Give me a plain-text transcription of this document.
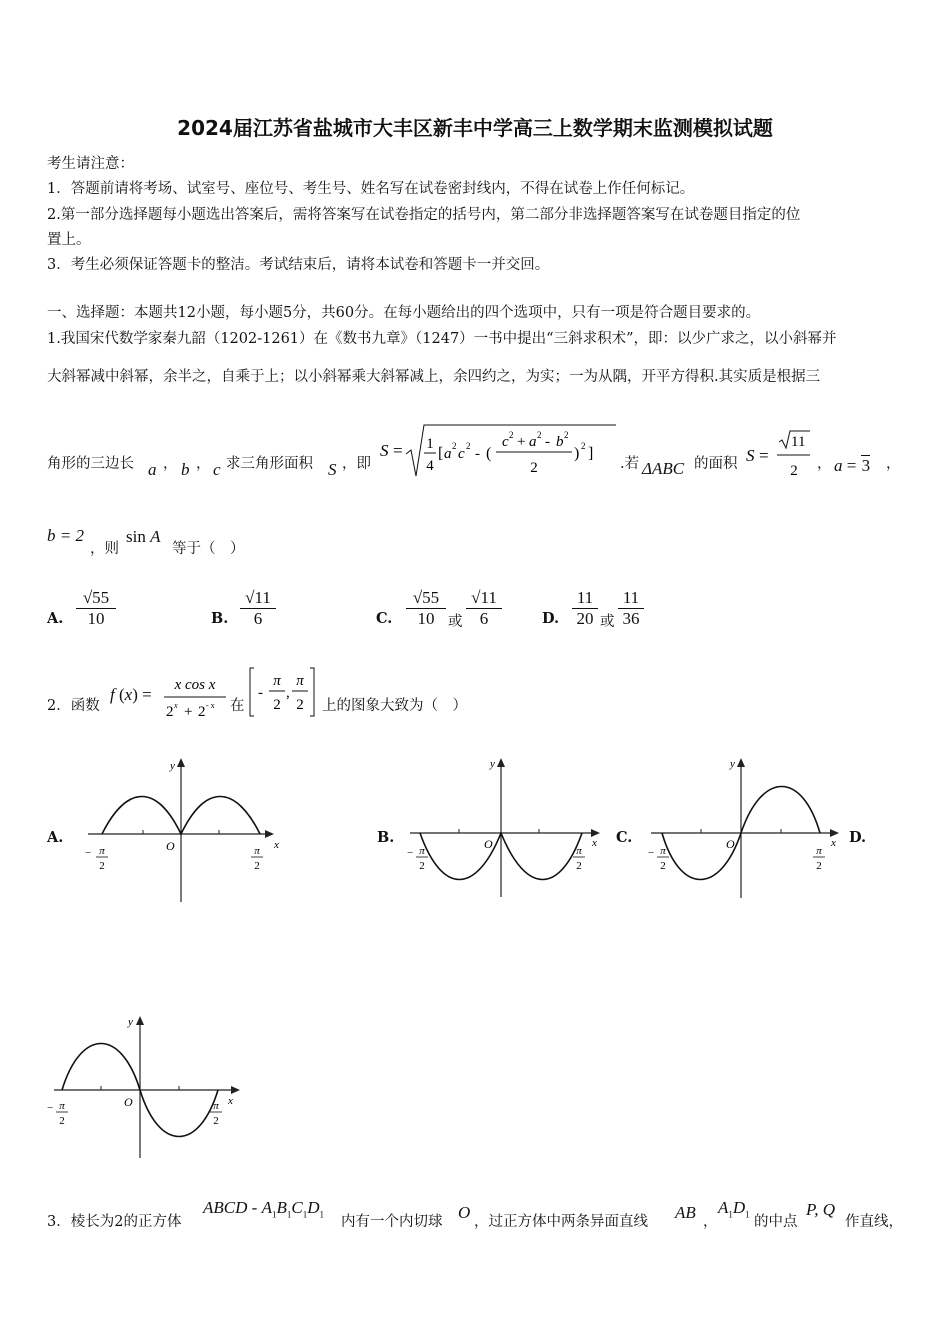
2024届江苏省盐城市大丰区新丰中学高三上数学期末监测模拟试题
考生请注意：
1．答题前请将考场、试室号、座位号、考生号、姓名写在试卷密封线内，不得在试卷上作任何标记。
2.第一部分选择题每小题选出答案后，需将答案写在试卷指定的括号内，第二部分非选择题答案写在试卷题目指定的位
置上。
3．考生必须保证答题卡的整洁。考试结束后，请将本试卷和答题卡一并交回。
一、选择题：本题共12小题，每小题5分，共60分。在每小题给出的四个选项中，只有一项是符合题目要求的。
1.我国宋代数学家秦九韶（1202-1261）在《数书九章》（1247）一书中提出“三斜求积术”，即：以少广求之，以小斜幂并
大斜幂减中斜幂，余半之，自乘于上；以小斜幂乘大斜幂减上，余四约之，为实；一为从隅，开平方得积.其实质是根据三
角形的三边长 a ， b ， c 求三角形面积 S ，即
S = 1
4
[ a 2 c 2 - (
c 2 + a 2 - b 2
2
) 2 ]
.若 ΔABC 的面积 S =
11
2 ， a = 3 ，
b = 2
，则
sin A
等于（　）
A. $\frac{√55}{10}$	B. $\frac{√11}{6}$	C. $\frac{√55}{10}$ 或 $\frac{√11}{6}$	D. $\frac{11}{20}$ 或 $\frac{11}{36}$
2．函数
f (x) = x cos x
2 x + 2 - x 在
-
π
2
,
π
2 上的图象大致为（　）
A.	B.	C.	D.
y
x
O
− π
2
π
2
y
x
O
− π
2
π
2
y
x
O
− π
2
π
2
y
x
O
− π
2
π
2
3．棱长为2的正方体
ABCD - $A_1B_1C_1D_1$ 内有一个内切球 O ，过正方体中两条异面直线 AB ，
$A_1D_1$ 的中点
P, Q
作直线，
